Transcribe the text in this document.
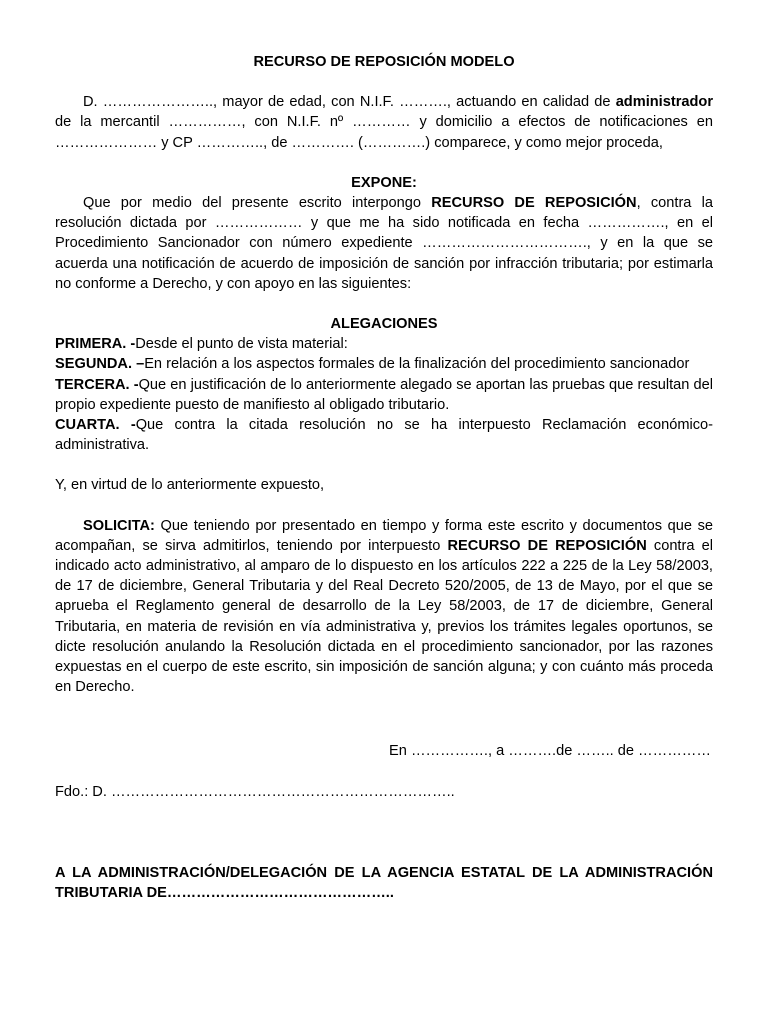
RECURSO DE REPOSICIÓN MODELO

D. ………………….., mayor de edad, con N.I.F. ………., actuando en calidad de administrador de la mercantil ……………, con N.I.F. nº ………… y domicilio a efectos de notificaciones en ………………… y CP ………….., de …………. (………….) comparece, y como mejor proceda,

EXPONE:

Que por medio del presente escrito interpongo RECURSO DE REPOSICIÓN, contra la resolución dictada por ……………… y que me ha sido notificada en fecha ……………., en el Procedimiento Sancionador con número expediente ……………………………., y en la que se acuerda una notificación de acuerdo de imposición de sanción por infracción tributaria; por estimarla no conforme a Derecho, y con apoyo en las siguientes:

ALEGACIONES

PRIMERA. -Desde el punto de vista material:

SEGUNDA. –En relación a los aspectos formales de la finalización del procedimiento sancionador

TERCERA. -Que en justificación de lo anteriormente alegado se aportan las pruebas que resultan del propio expediente puesto de manifiesto al obligado tributario.

CUARTA. -Que contra la citada resolución no se ha interpuesto Reclamación económico-administrativa.

Y, en virtud de lo anteriormente expuesto,

SOLICITA: Que teniendo por presentado en tiempo y forma este escrito y documentos que se acompañan, se sirva admitirlos, teniendo por interpuesto RECURSO DE REPOSICIÓN contra el indicado acto administrativo, al amparo de lo dispuesto en los artículos 222 a 225 de la Ley 58/2003, de 17 de diciembre, General Tributaria y del Real Decreto 520/2005, de 13 de Mayo, por el que se aprueba el Reglamento general de desarrollo de la Ley 58/2003, de 17 de diciembre, General Tributaria, en materia de revisión en vía administrativa y, previos los trámites legales oportunos, se dicte resolución anulando la Resolución dictada en el procedimiento sancionador, por las razones expuestas en el cuerpo de este escrito, sin imposición de sanción alguna; y con cuánto más proceda en Derecho.

En ……………., a ……….de …….. de ……………

Fdo.: D. ……………………………………………………………..

A LA ADMINISTRACIÓN/DELEGACIÓN DE LA AGENCIA ESTATAL DE LA ADMINISTRACIÓN TRIBUTARIA DE………………………………………..
